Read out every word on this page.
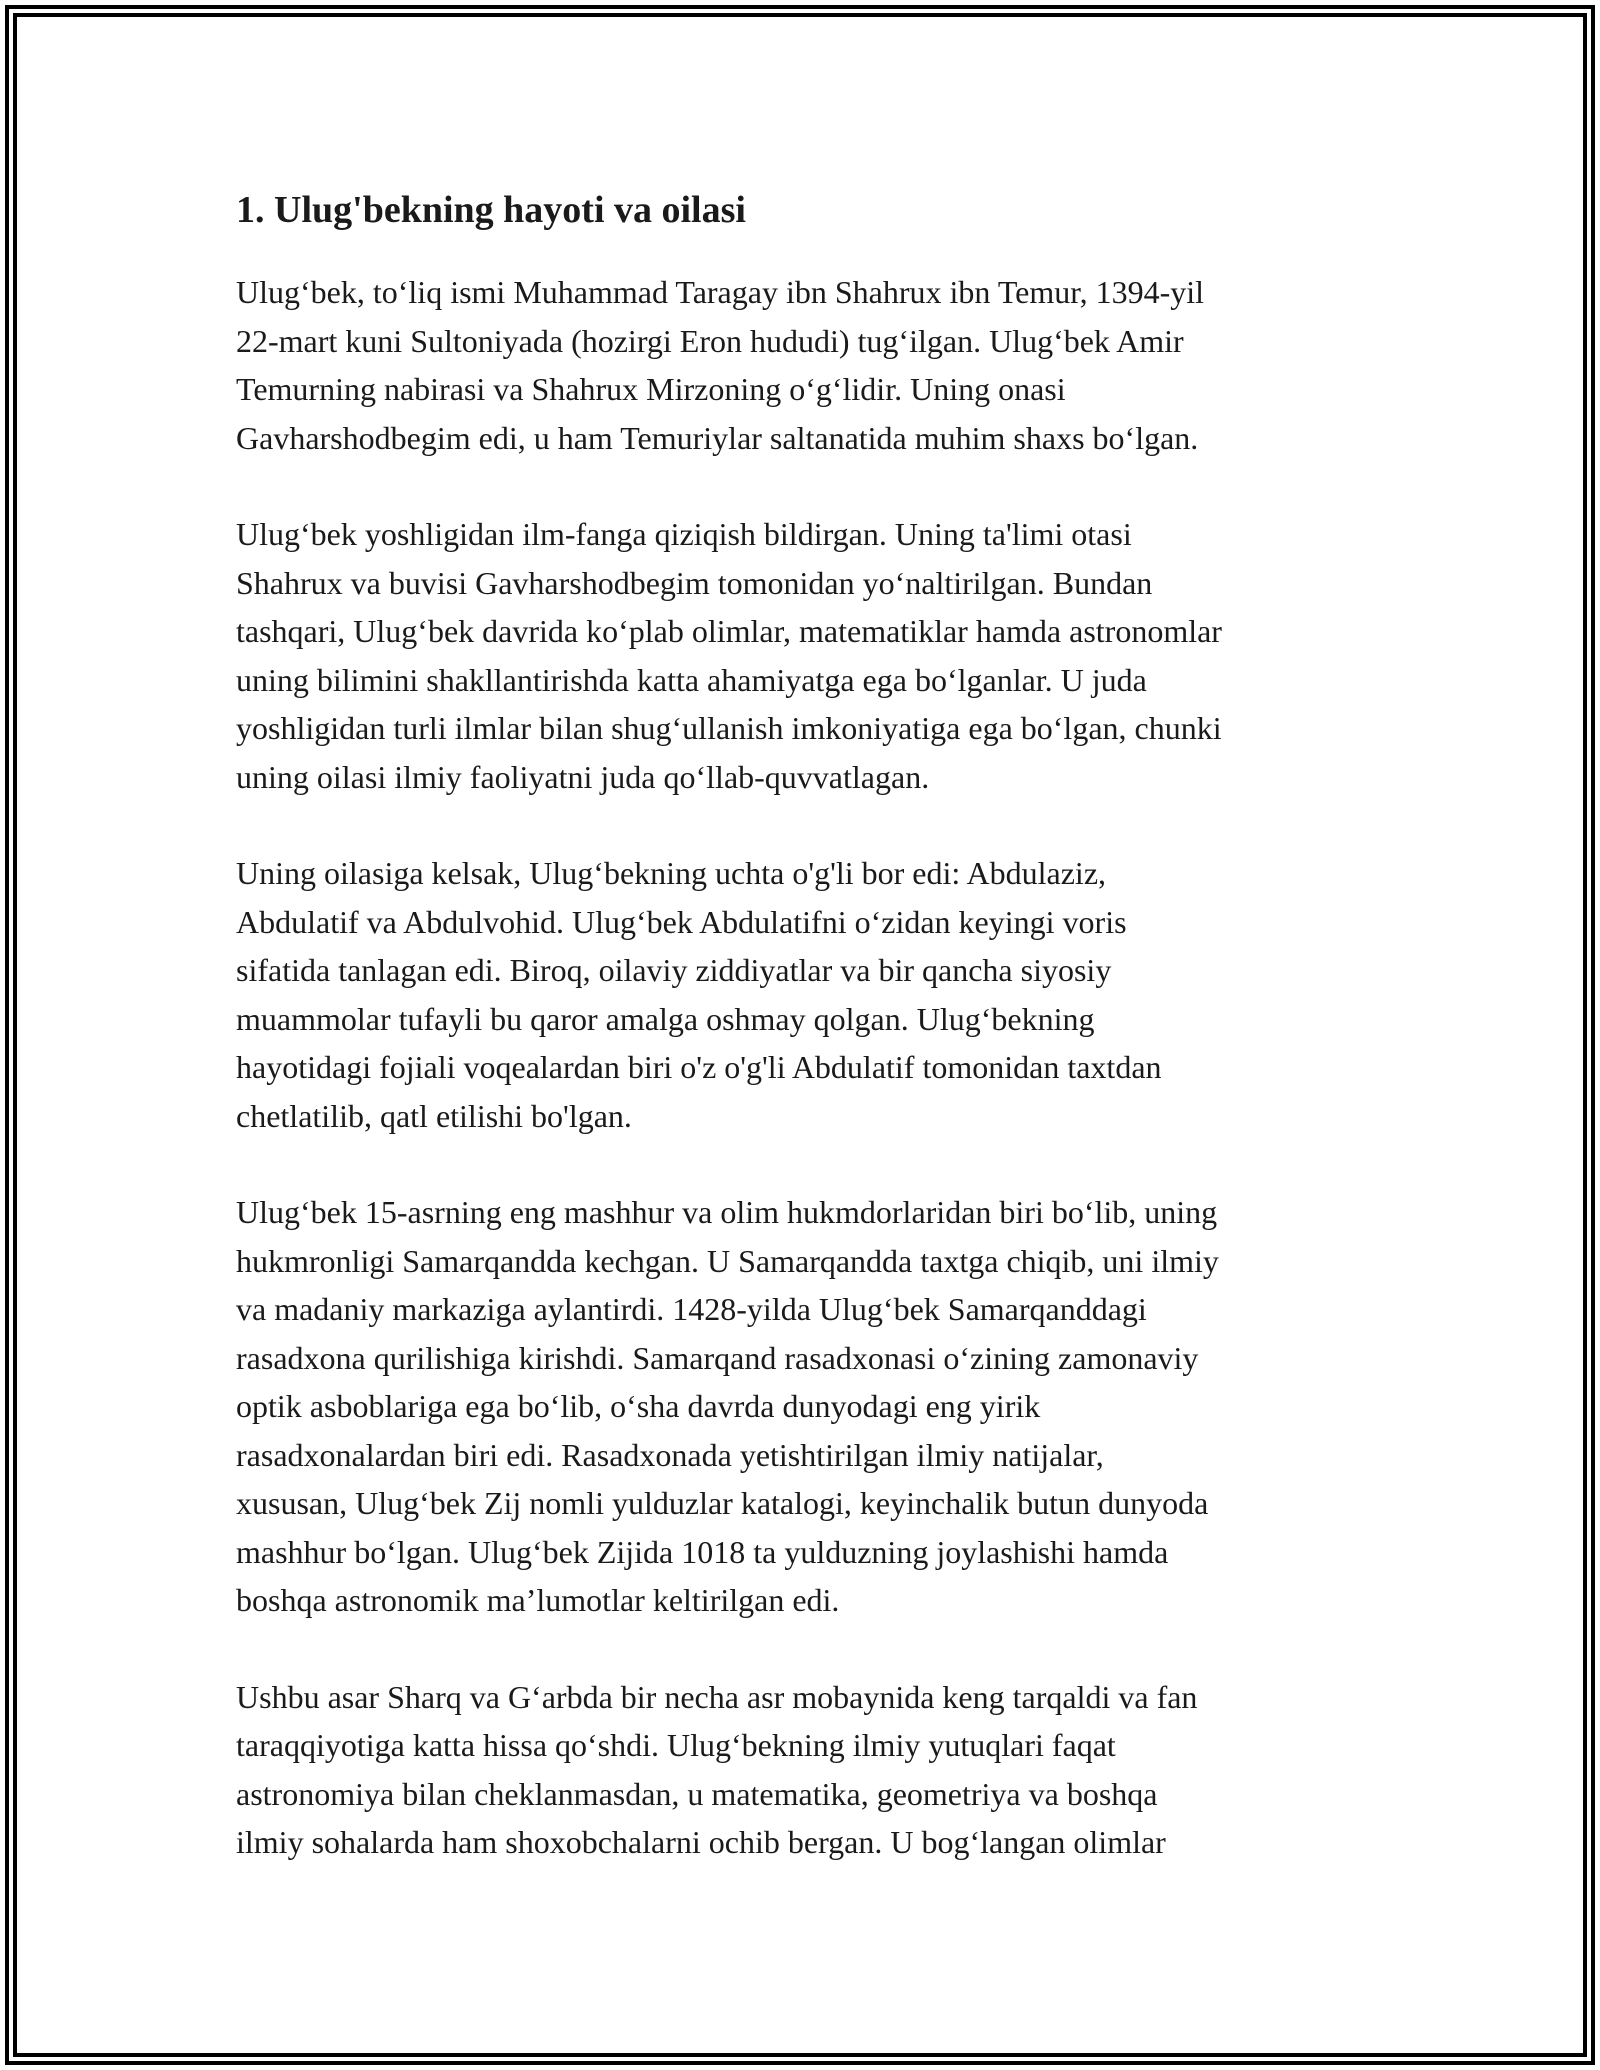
1. Ulug'bekning hayoti va oilasi

Ulug‘bek, to‘liq ismi Muhammad Taragay ibn Shahrux ibn Temur, 1394-yil
22-mart kuni Sultoniyada (hozirgi Eron hududi) tug‘ilgan. Ulug‘bek Amir
Temurning nabirasi va Shahrux Mirzoning o‘g‘lidir. Uning onasi
Gavharshodbegim edi, u ham Temuriylar saltanatida muhim shaxs bo‘lgan.

Ulug‘bek yoshligidan ilm-fanga qiziqish bildirgan. Uning ta'limi otasi
Shahrux va buvisi Gavharshodbegim tomonidan yo‘naltirilgan. Bundan
tashqari, Ulug‘bek davrida ko‘plab olimlar, matematiklar hamda astronomlar
uning bilimini shakllantirishda katta ahamiyatga ega bo‘lganlar. U juda
yoshligidan turli ilmlar bilan shug‘ullanish imkoniyatiga ega bo‘lgan, chunki
uning oilasi ilmiy faoliyatni juda qo‘llab-quvvatlagan.

Uning oilasiga kelsak, Ulug‘bekning uchta o'g'li bor edi: Abdulaziz,
Abdulatif va Abdulvohid. Ulug‘bek Abdulatifni o‘zidan keyingi voris
sifatida tanlagan edi. Biroq, oilaviy ziddiyatlar va bir qancha siyosiy
muammolar tufayli bu qaror amalga oshmay qolgan. Ulug‘bekning
hayotidagi fojiali voqealardan biri o'z o'g'li Abdulatif tomonidan taxtdan
chetlatilib, qatl etilishi bo'lgan.

Ulug‘bek 15-asrning eng mashhur va olim hukmdorlaridan biri bo‘lib, uning
hukmronligi Samarqandda kechgan. U Samarqandda taxtga chiqib, uni ilmiy
va madaniy markaziga aylantirdi. 1428-yilda Ulug‘bek Samarqanddagi
rasadxona qurilishiga kirishdi. Samarqand rasadxonasi o‘zining zamonaviy
optik asboblariga ega bo‘lib, o‘sha davrda dunyodagi eng yirik
rasadxonalardan biri edi. Rasadxonada yetishtirilgan ilmiy natijalar,
xususan, Ulug‘bek Zij nomli yulduzlar katalogi, keyinchalik butun dunyoda
mashhur bo‘lgan. Ulug‘bek Zijida 1018 ta yulduzning joylashishi hamda
boshqa astronomik ma’lumotlar keltirilgan edi.

Ushbu asar Sharq va G‘arbda bir necha asr mobaynida keng tarqaldi va fan
taraqqiyotiga katta hissa qo‘shdi. Ulug‘bekning ilmiy yutuqlari faqat
astronomiya bilan cheklanmasdan, u matematika, geometriya va boshqa
ilmiy sohalarda ham shoxobchalarni ochib bergan. U bog‘langan olimlar
